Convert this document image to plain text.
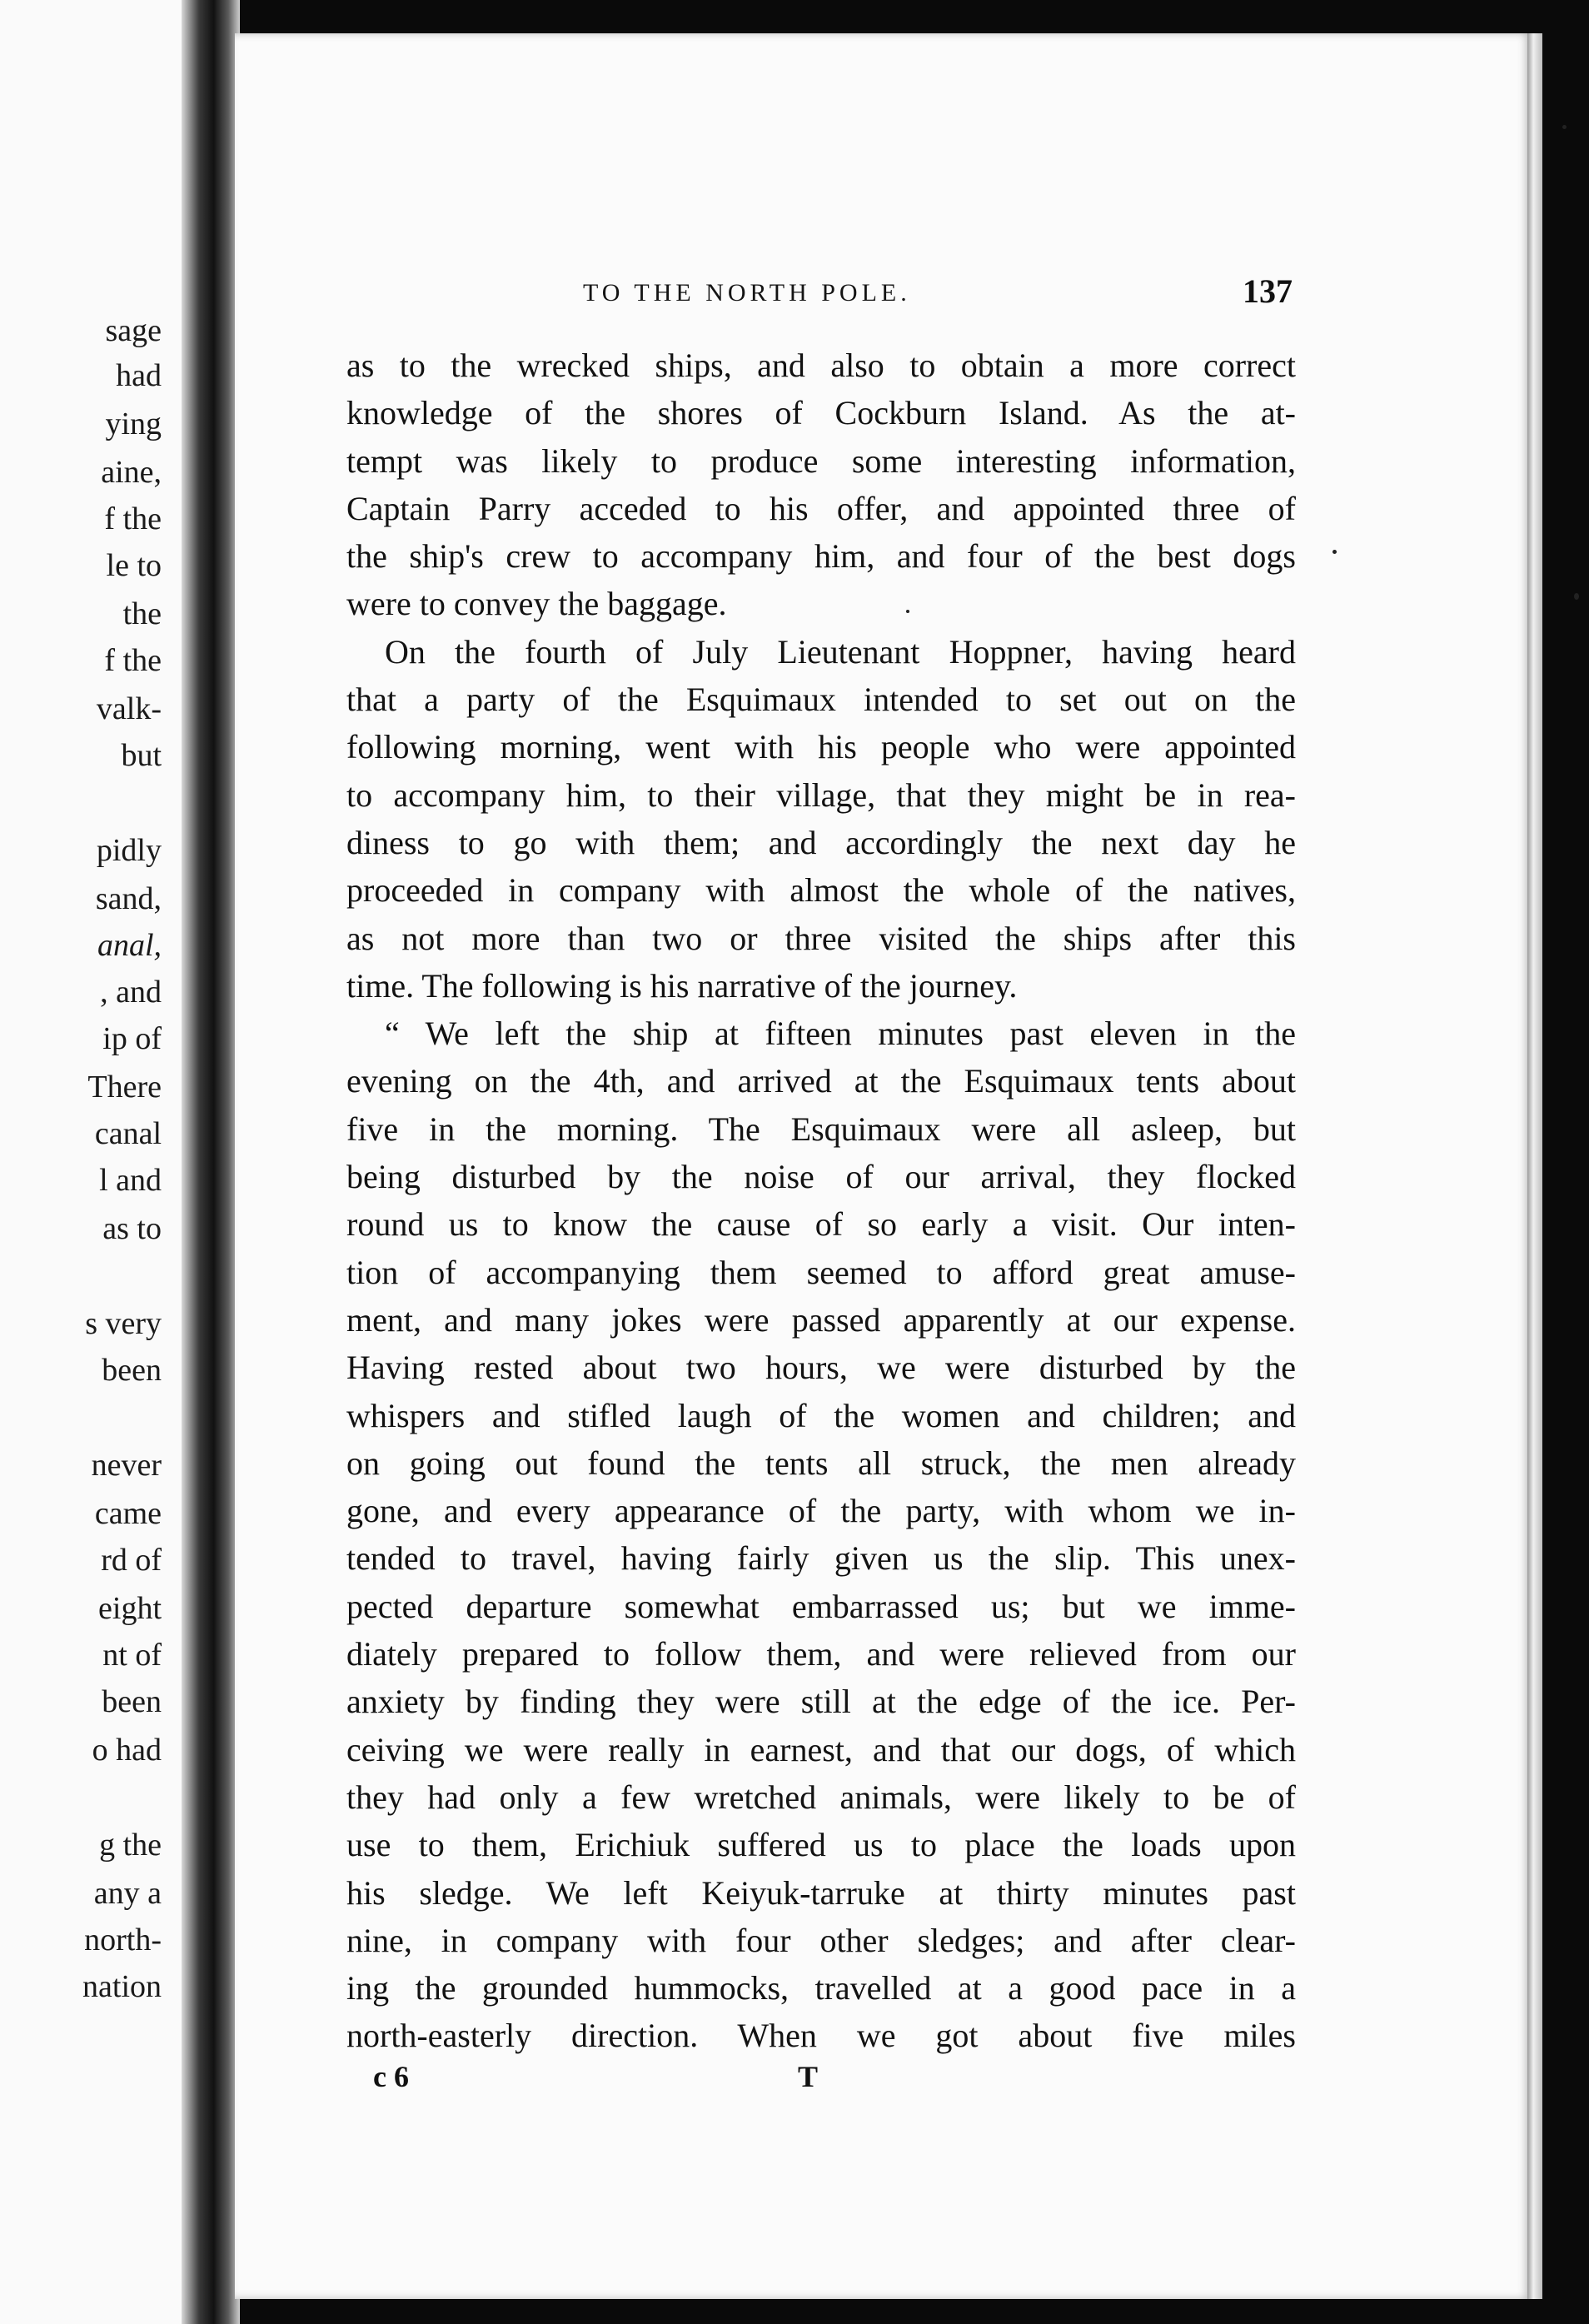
sage
had
ying
aine,
f the
le to
the
f the
valk-
but
pidly
sand,
anal,
, and
ip of
There
canal
l and
as to
s very
been
never
came
rd of
eight
nt of
been
o had
g the
any a
north-
nation
TO THE NORTH POLE.	137
as to the wrecked ships, and also to obtain a more correct
knowledge of the shores of Cockburn Island. As the at-
tempt was likely to produce some interesting information,
Captain Parry acceded to his offer, and appointed three of
the ship's crew to accompany him, and four of the best dogs
were to convey the baggage.
On the fourth of July Lieutenant Hoppner, having heard
that a party of the Esquimaux intended to set out on the
following morning, went with his people who were appointed
to accompany him, to their village, that they might be in rea-
diness to go with them; and accordingly the next day he
proceeded in company with almost the whole of the natives,
as not more than two or three visited the ships after this
time. The following is his narrative of the journey.
“ We left the ship at fifteen minutes past eleven in the
evening on the 4th, and arrived at the Esquimaux tents about
five in the morning. The Esquimaux were all asleep, but
being disturbed by the noise of our arrival, they flocked
round us to know the cause of so early a visit. Our inten-
tion of accompanying them seemed to afford great amuse-
ment, and many jokes were passed apparently at our expense.
Having rested about two hours, we were disturbed by the
whispers and stifled laugh of the women and children; and
on going out found the tents all struck, the men already
gone, and every appearance of the party, with whom we in-
tended to travel, having fairly given us the slip. This unex-
pected departure somewhat embarrassed us; but we imme-
diately prepared to follow them, and were relieved from our
anxiety by finding they were still at the edge of the ice. Per-
ceiving we were really in earnest, and that our dogs, of which
they had only a few wretched animals, were likely to be of
use to them, Erichiuk suffered us to place the loads upon
his sledge. We left Keiyuk-tarruke at thirty minutes past
nine, in company with four other sledges; and after clear-
ing the grounded hummocks, travelled at a good pace in a
north-easterly direction. When we got about five miles
c 6	T
